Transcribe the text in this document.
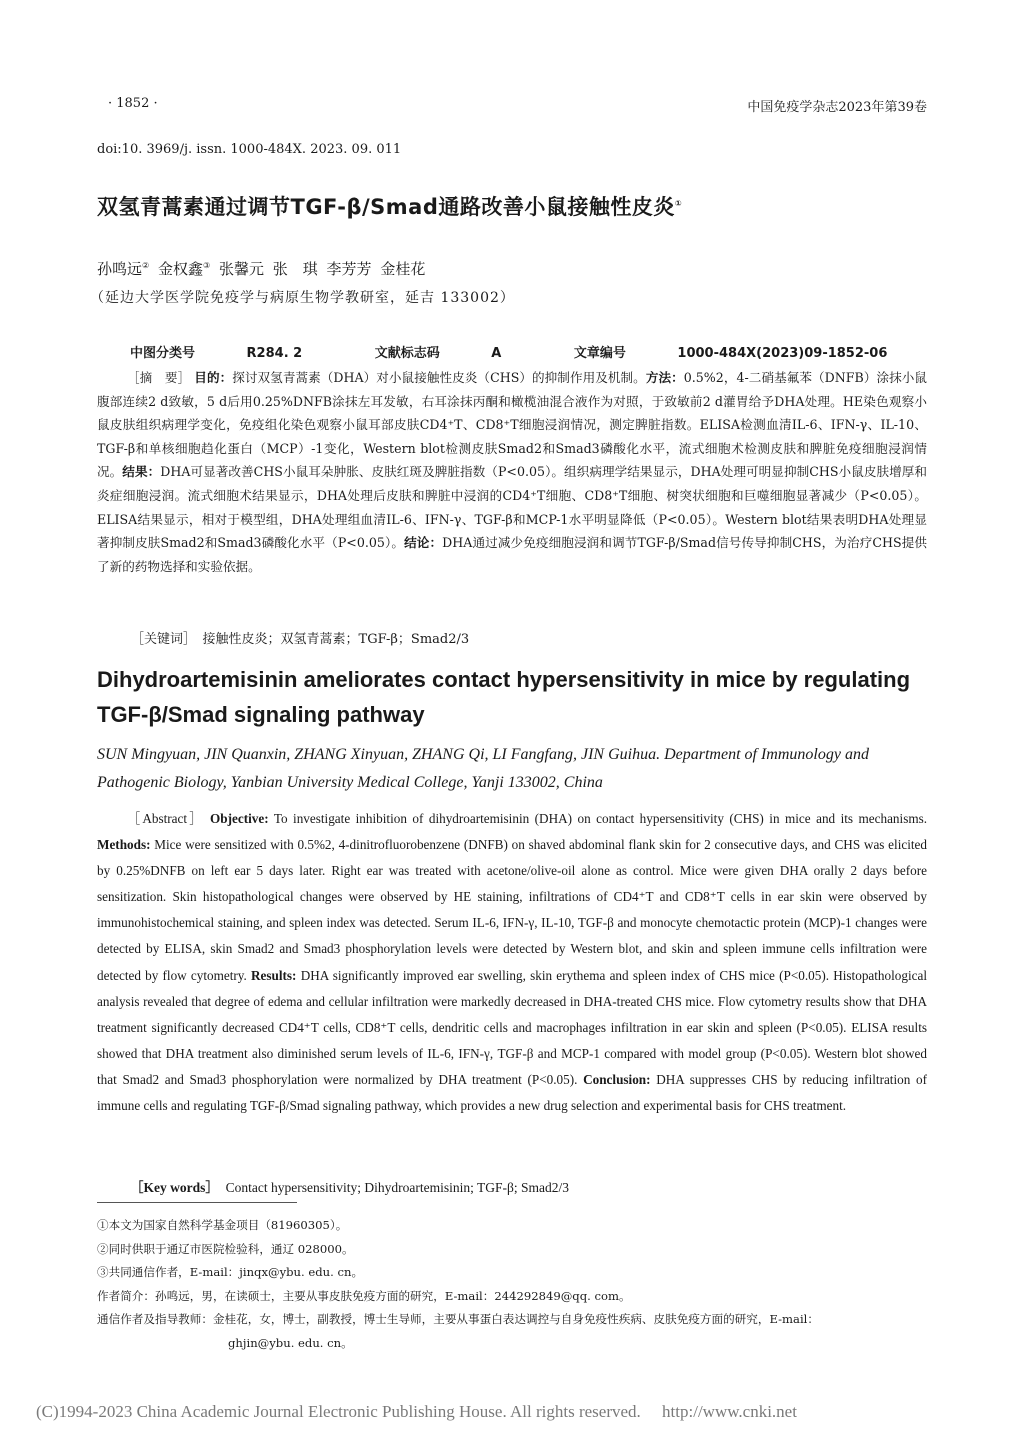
· 1852 ·	中国免疫学杂志2023年第39卷
doi:10. 3969/j. issn. 1000-484X. 2023. 09. 011
双氢青蒿素通过调节TGF-β/Smad通路改善小鼠接触性皮炎①
孙鸣远② 金权鑫③ 张馨元 张　琪 李芳芳 金桂花
（延边大学医学院免疫学与病原生物学教研室，延吉 133002）
中图分类号　	R284. 2	文献标志码　	A	文章编号　	1000-484X(2023)09-1852-06
［摘　要］ 目的：探讨双氢青蒿素（DHA）对小鼠接触性皮炎（CHS）的抑制作用及机制。方法：0.5%2，4-二硝基氟苯（DNFB）涂抹小鼠腹部连续2 d致敏，5 d后用0.25%DNFB涂抹左耳发敏，右耳涂抹丙酮和橄榄油混合液作为对照，于致敏前2 d灌胃给予DHA处理。HE染色观察小鼠皮肤组织病理学变化，免疫组化染色观察小鼠耳部皮肤CD4⁺T、CD8⁺T细胞浸润情况，测定脾脏指数。ELISA检测血清IL-6、IFN-γ、IL-10、TGF-β和单核细胞趋化蛋白（MCP）-1变化，Western blot检测皮肤Smad2和Smad3磷酸化水平，流式细胞术检测皮肤和脾脏免疫细胞浸润情况。结果：DHA可显著改善CHS小鼠耳朵肿胀、皮肤红斑及脾脏指数（P<0.05）。组织病理学结果显示，DHA处理可明显抑制CHS小鼠皮肤增厚和炎症细胞浸润。流式细胞术结果显示，DHA处理后皮肤和脾脏中浸润的CD4⁺T细胞、CD8⁺T细胞、树突状细胞和巨噬细胞显著减少（P<0.05）。ELISA结果显示，相对于模型组，DHA处理组血清IL-6、IFN-γ、TGF-β和MCP-1水平明显降低（P<0.05）。Western blot结果表明DHA处理显著抑制皮肤Smad2和Smad3磷酸化水平（P<0.05）。结论：DHA通过减少免疫细胞浸润和调节TGF-β/Smad信号传导抑制CHS，为治疗CHS提供了新的药物选择和实验依据。
［关键词］　 接触性皮炎；双氢青蒿素；TGF-β；Smad2/3
Dihydroartemisinin ameliorates contact hypersensitivity in mice by regulating TGF-β/Smad signaling pathway
SUN Mingyuan, JIN Quanxin, ZHANG Xinyuan, ZHANG Qi, LI Fangfang, JIN Guihua. Department of Immunology and Pathogenic Biology, Yanbian University Medical College, Yanji 133002, China
［Abstract］ Objective: To investigate inhibition of dihydroartemisinin (DHA) on contact hypersensitivity (CHS) in mice and its mechanisms. Methods: Mice were sensitized with 0.5%2, 4-dinitrofluorobenzene (DNFB) on shaved abdominal flank skin for 2 consecutive days, and CHS was elicited by 0.25%DNFB on left ear 5 days later. Right ear was treated with acetone/olive-oil alone as control. Mice were given DHA orally 2 days before sensitization. Skin histopathological changes were observed by HE staining, infiltrations of CD4⁺T and CD8⁺T cells in ear skin were observed by immunohistochemical staining, and spleen index was detected. Serum IL-6, IFN-γ, IL-10, TGF-β and monocyte chemotactic protein (MCP)-1 changes were detected by ELISA, skin Smad2 and Smad3 phosphorylation levels were detected by Western blot, and skin and spleen immune cells infiltration were detected by flow cytometry. Results: DHA significantly improved ear swelling, skin erythema and spleen index of CHS mice (P<0.05). Histopathological analysis revealed that degree of edema and cellular infiltration were markedly decreased in DHA-treated CHS mice. Flow cytometry results show that DHA treatment significantly decreased CD4⁺T cells, CD8⁺T cells, dendritic cells and macrophages infiltration in ear skin and spleen (P<0.05). ELISA results showed that DHA treatment also diminished serum levels of IL-6, IFN-γ, TGF-β and MCP-1 compared with model group (P<0.05). Western blot showed that Smad2 and Smad3 phosphorylation were normalized by DHA treatment (P<0.05). Conclusion: DHA suppresses CHS by reducing infiltration of immune cells and regulating TGF-β/Smad signaling pathway, which provides a new drug selection and experimental basis for CHS treatment.
［Key words］　 Contact hypersensitivity; Dihydroartemisinin; TGF-β; Smad2/3
①本文为国家自然科学基金项目（81960305）。
②同时供职于通辽市医院检验科，通辽 028000。
③共同通信作者，E-mail：jinqx@ybu. edu. cn。
作者简介：孙鸣远，男，在读硕士，主要从事皮肤免疫方面的研究，E-mail：244292849@qq. com。
通信作者及指导教师：金桂花，女，博士，副教授，博士生导师，主要从事蛋白表达调控与自身免疫性疾病、皮肤免疫方面的研究，E-mail：
ghjin@ybu. edu. cn。
(C)1994-2023 China Academic Journal Electronic Publishing House. All rights reserved.　 http://www.cnki.net
